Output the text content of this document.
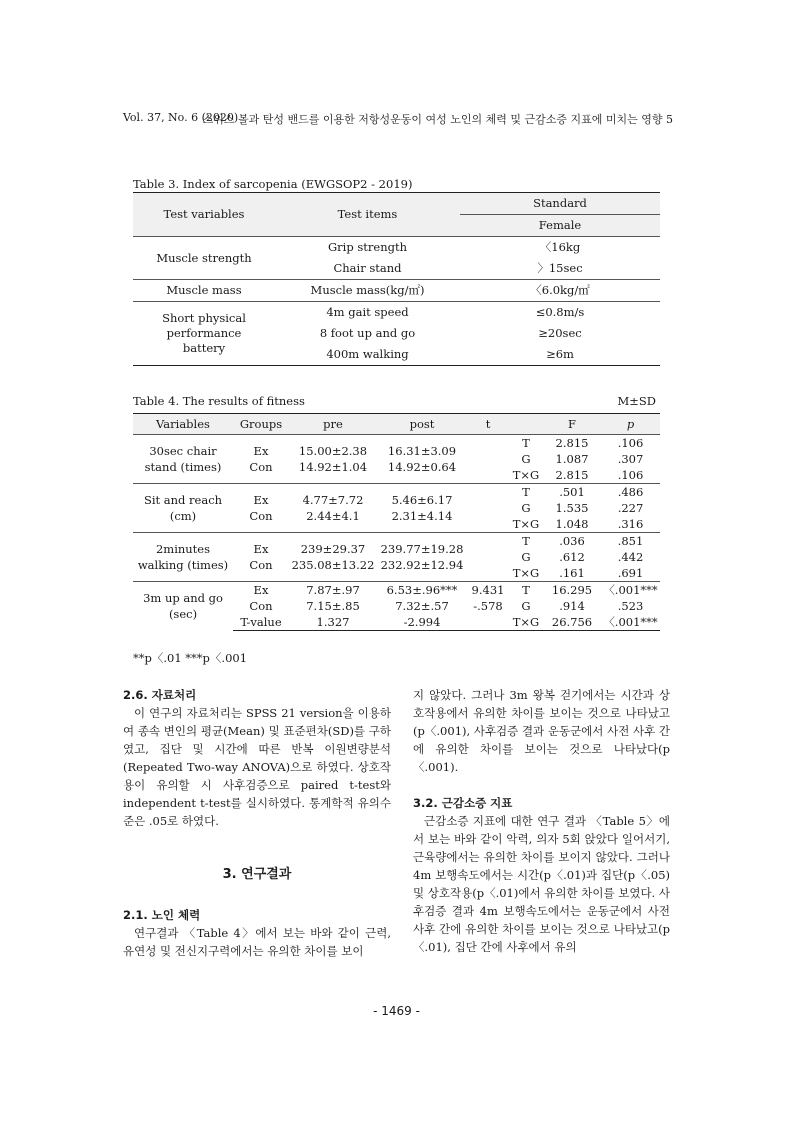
Vol. 37, No. 6 (2020)
스위스 볼과 탄성 밴드를 이용한 저항성운동이 여성 노인의 체력 및 근감소증 지표에 미치는 영향 5
Table 3. Index of sarcopenia (EWGSOP2 - 2019)
Test variables	Test items	Standard
		Female
Muscle strength	Grip strength	〈16kg
	Chair stand	〉15sec
Muscle mass	Muscle mass(kg/㎡)	〈6.0kg/㎡
Short physical performance battery	4m gait speed	≤0.8m/s
	8 foot up and go	≥20sec
	400m walking	≥6m
Table 4. The results of fitness	M±SD
Variables	Groups	pre	post	t		F	p
30sec chair stand (times)	Ex	15.00±2.38	16.31±3.09		T	2.815	.106
	Con	14.92±1.04	14.92±0.64		G	1.087	.307
					T×G	2.815	.106
Sit and reach (cm)	Ex	4.77±7.72	5.46±6.17		T	.501	.486
	Con	2.44±4.1	2.31±4.14		G	1.535	.227
					T×G	1.048	.316
2minutes walking (times)	Ex	239±29.37	239.77±19.28		T	.036	.851
	Con	235.08±13.22	232.92±12.94		G	.612	.442
					T×G	.161	.691
3m up and go (sec)	Ex	7.87±.97	6.53±.96***	9.431	T	16.295	〈.001***
	Con	7.15±.85	7.32±.57	-.578	G	.914	.523
	T-value	1.327	-2.994		T×G	26.756	〈.001***
**p〈.01 ***p〈.001
2.6. 자료처리
이 연구의 자료처리는 SPSS 21 version을 이용하여 종속 변인의 평균(Mean) 및 표준편차(SD)를 구하였고, 집단 및 시간에 따른 반복 이원변량분석(Repeated Two-way ANOVA)으로 하였다. 상호작용이 유의할 시 사후검증으로 paired t-test와 independent t-test를 실시하였다. 통계학적 유의수준은 .05로 하였다.
3. 연구결과
2.1. 노인 체력
연구결과 〈Table 4〉에서 보는 바와 같이 근력, 유연성 및 전신지구력에서는 유의한 차이를 보이
지 않았다. 그러나 3m 왕복 걷기에서는 시간과 상호작용에서 유의한 차이를 보이는 것으로 나타났고(p〈.001), 사후검증 결과 운동군에서 사전 사후 간에 유의한 차이를 보이는 것으로 나타났다(p〈.001).
3.2. 근감소증 지표
근감소증 지표에 대한 연구 결과 〈Table 5〉에서 보는 바와 같이 악력, 의자 5회 앉았다 일어서기, 근육량에서는 유의한 차이를 보이지 않았다. 그러나 4m 보행속도에서는 시간(p〈.01)과 집단(p〈.05) 및 상호작용(p〈.01)에서 유의한 차이를 보였다. 사후검증 결과 4m 보행속도에서는 운동군에서 사전 사후 간에 유의한 차이를 보이는 것으로 나타났고(p〈.01), 집단 간에 사후에서 유의
- 1469 -
